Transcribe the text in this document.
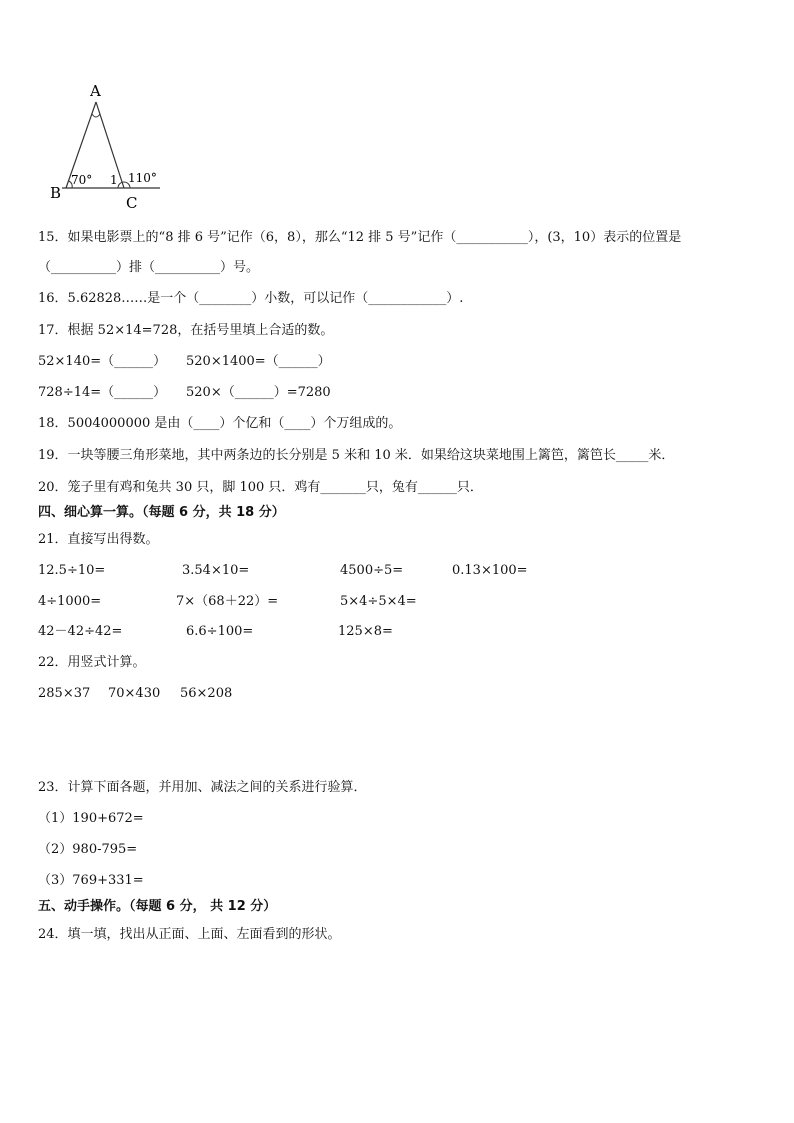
A
B
C
70° 1 110°
15．如果电影票上的“8 排 6 号”记作（6，8），那么“12 排 5 号”记作（___________），(3，10）表示的位置是
（__________）排（__________）号。
16．5.62828……是一个（________）小数，可以记作（____________）.
17．根据 52×14=728，在括号里填上合适的数。
52×140=（______） 520×1400=（______）
728÷14=（______） 520×（______）=7280
18．5004000000 是由（____）个亿和（____）个万组成的。
19．一块等腰三角形菜地，其中两条边的长分别是 5 米和 10 米．如果给这块菜地围上篱笆，篱笆长_____米．
20．笼子里有鸡和兔共 30 只，脚 100 只．鸡有_______只，兔有______只．
四、细心算一算。（每题 6 分，共 18 分）
21．直接写出得数。
12.5÷10=	3.54×10=	4500÷5=	0.13×100=
4÷1000=	7×（68＋22）=	5×4÷5×4=
42－42÷42=	6.6÷100=	125×8=
22．用竖式计算。
285×37 70×430 56×208
23．计算下面各题，并用加、减法之间的关系进行验算．
（1）190+672=
（2）980-795=
（3）769+331=
五、动手操作。（每题 6 分， 共 12 分）
24．填一填，找出从正面、上面、左面看到的形状。
